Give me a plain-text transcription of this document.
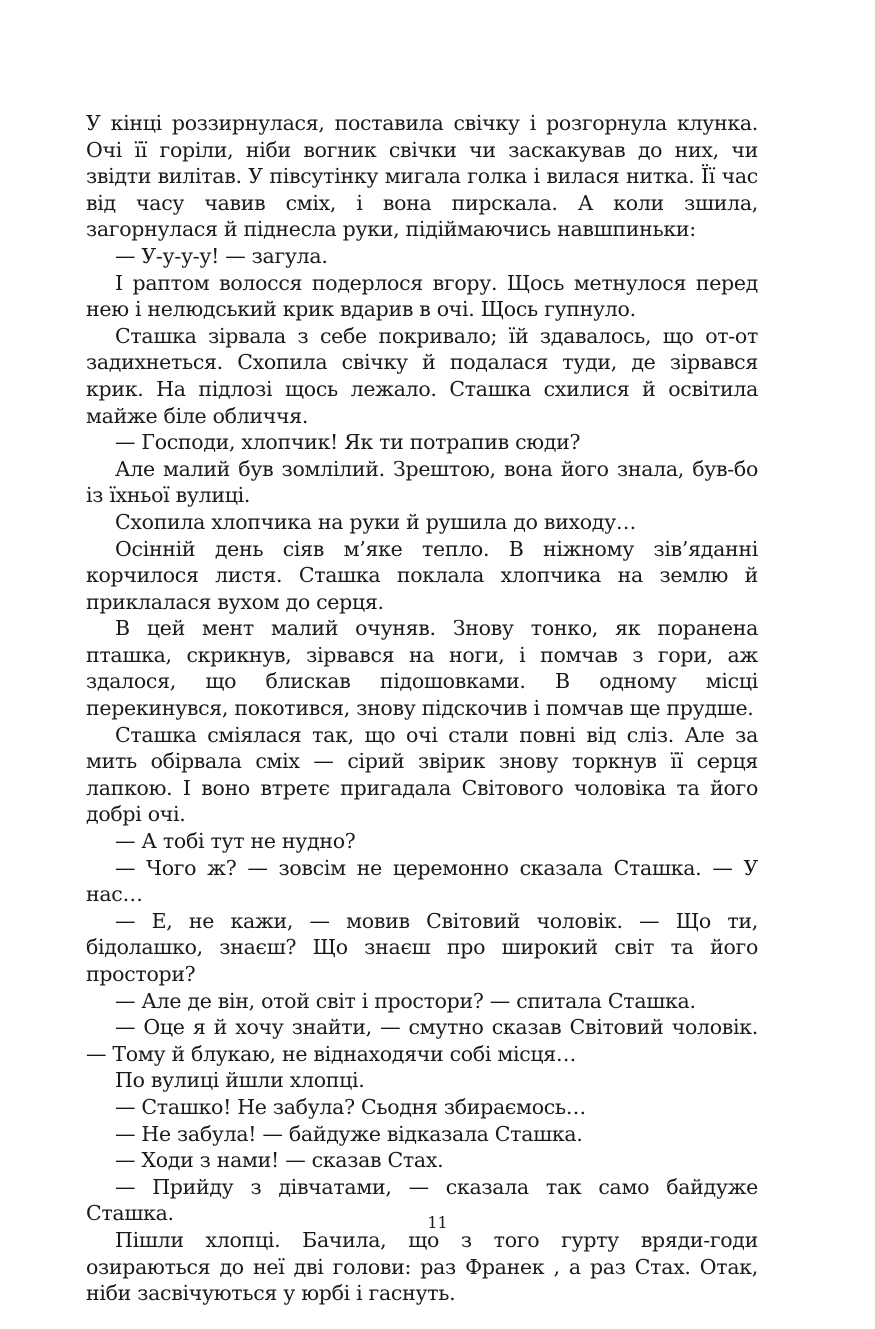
У кінці роззирнулася, поставила свічку і розгорнула клунка. Очі її горіли, ніби вогник свічки чи заскакував до них, чи звідти вилітав. У півсутінку мигала голка і вилася нитка. Її час від часу чавив сміх, і вона пирскала. А коли зшила, загорнулася й піднесла руки, підіймаючись навшпиньки:

— У-у-у-у! — загула.

І раптом волосся подерлося вгору. Щось метнулося перед нею і нелюдський крик вдарив в очі. Щось гупнуло.

Сташка зірвала з себе покривало; їй здавалось, що от-от задихнеться. Схопила свічку й подалася туди, де зірвався крик. На підлозі щось лежало. Сташка схилися й освітила майже біле обличчя.

— Господи, хлопчик! Як ти потрапив сюди?

Але малий був зомлілий. Зрештою, вона його знала, був-бо із їхньої вулиці.

Схопила хлопчика на руки й рушила до виходу…

Осінній день сіяв м’яке тепло. В ніжному зів’яданні корчилося листя. Сташка поклала хлопчика на землю й приклалася вухом до серця.

В цей мент малий очуняв. Знову тонко, як поранена пташка, скрикнув, зірвався на ноги, і помчав з гори, аж здалося, що блискав підошовками. В одному місці перекинувся, покотився, знову підскочив і помчав ще прудше.

Сташка сміялася так, що очі стали повні від сліз. Але за мить обірвала сміх — сірий звірик знову торкнув її серця лапкою. І воно втретє пригадала Світового чоловіка та його добрі очі.

— А тобі тут не нудно?

— Чого ж? — зовсім не церемонно сказала Сташка. — У нас…

— Е, не кажи, — мовив Світовий чоловік. — Що ти, бідолашко, знаєш? Що знаєш про широкий світ та його простори?

— Але де він, отой світ і простори? — спитала Сташка.

— Оце я й хочу знайти, — смутно сказав Світовий чоловік. — Тому й блукаю, не віднаходячи собі місця…

По вулиці йшли хлопці.

— Сташко! Не забула? Сьодня збираємось…

— Не забула! — байдуже відказала Сташка.

— Ходи з нами! — сказав Стах.

— Прийду з дівчатами, — сказала так само байдуже Сташка.

Пішли хлопці. Бачила, що з того гурту вряди-годи озираються до неї дві голови: раз Франек , а раз Стах. Отак, ніби засвічуються у юрбі і гаснуть.

11
